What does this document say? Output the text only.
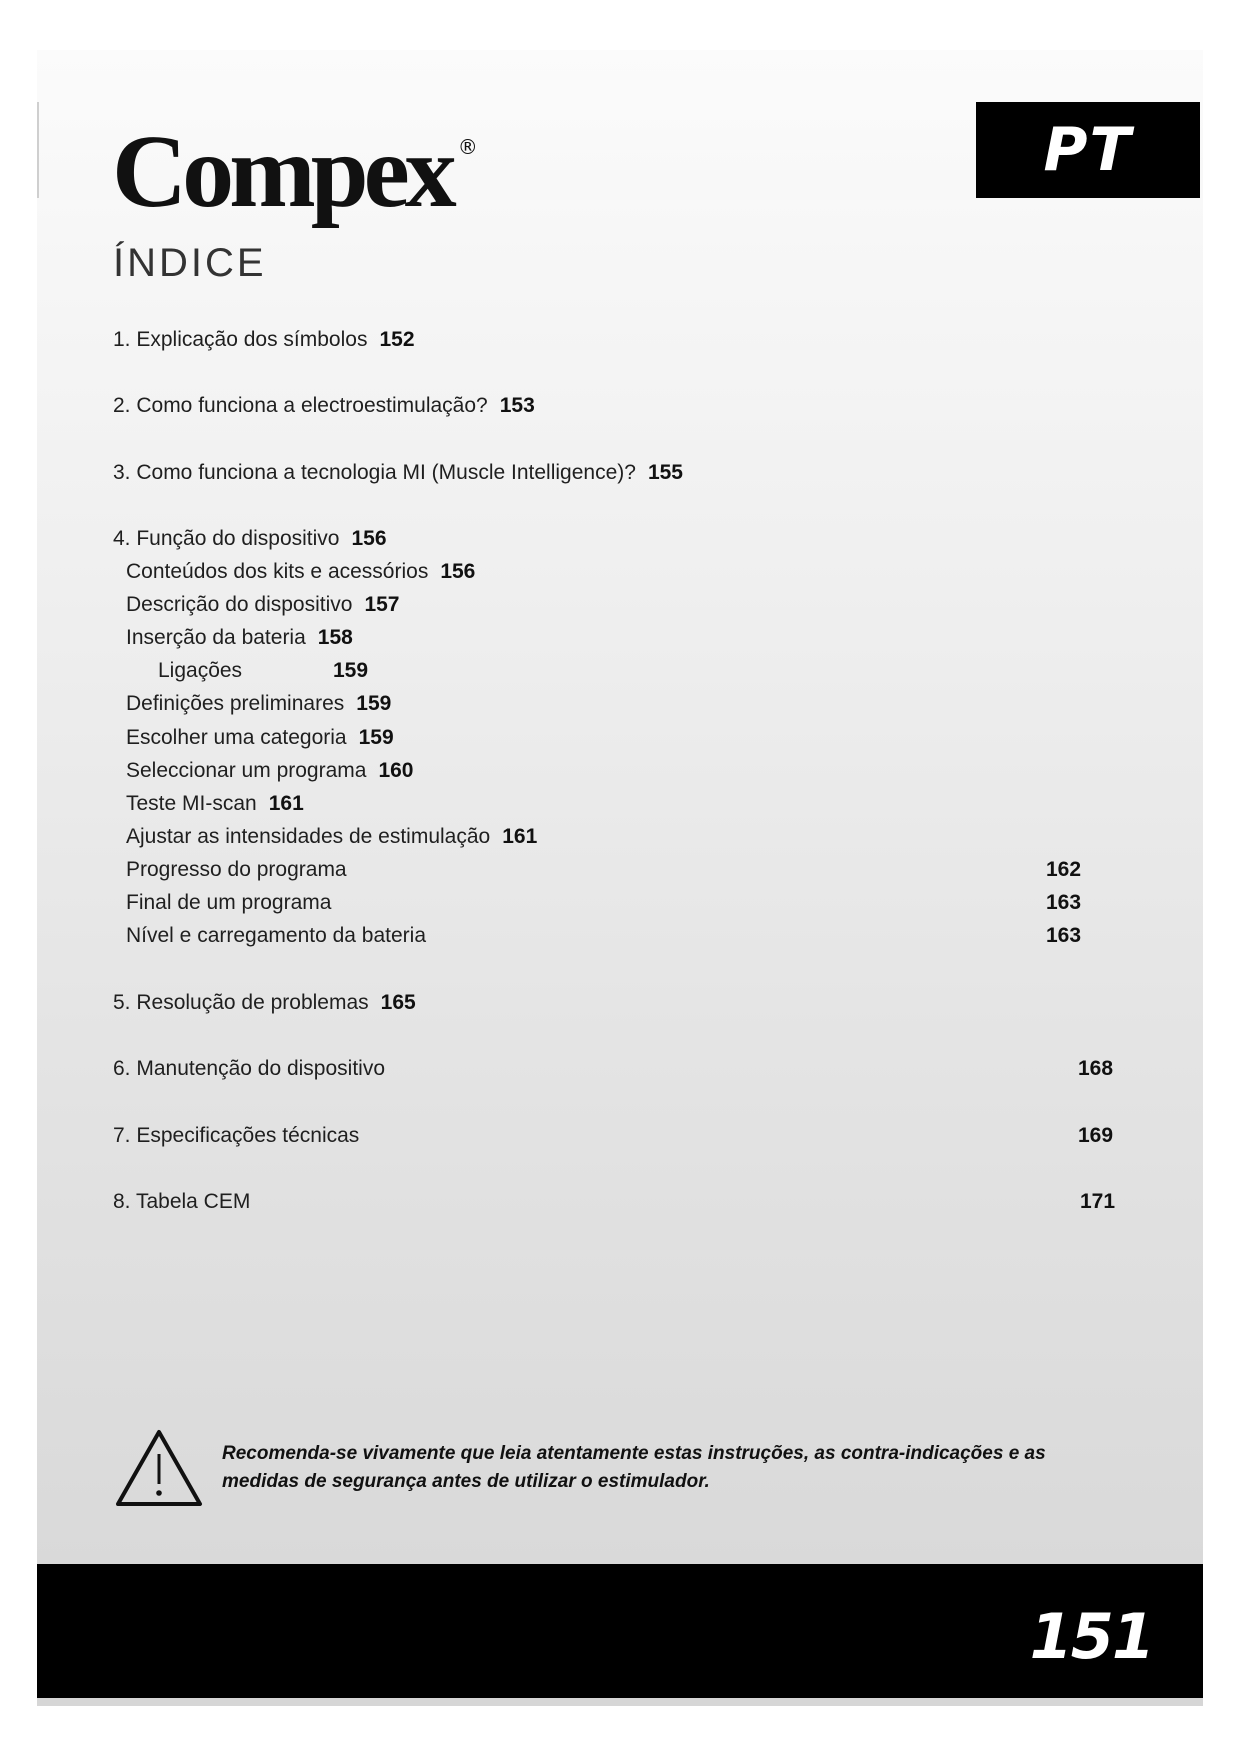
Compex ®	PT
ÍNDICE
1. Explicação dos símbolos 152
2. Como funciona a electroestimulação? 153
3. Como funciona a tecnologia MI (Muscle Intelligence)? 155
4. Função do dispositivo 156
Conteúdos dos kits e acessórios 156
Descrição do dispositivo 157
Inserção da bateria 158
Ligações	159
Definições preliminares 159
Escolher uma categoria 159
Seleccionar um programa 160
Teste MI-scan 161
Ajustar as intensidades de estimulação 161
Progresso do programa	162
Final de um programa	163
Nível e carregamento da bateria	163
5. Resolução de problemas 165
6. Manutenção do dispositivo	168
7. Especificações técnicas	169
8. Tabela CEM	171
Recomenda-se vivamente que leia atentamente estas instruções, as contra-indicações e as medidas de segurança antes de utilizar o estimulador.
151
